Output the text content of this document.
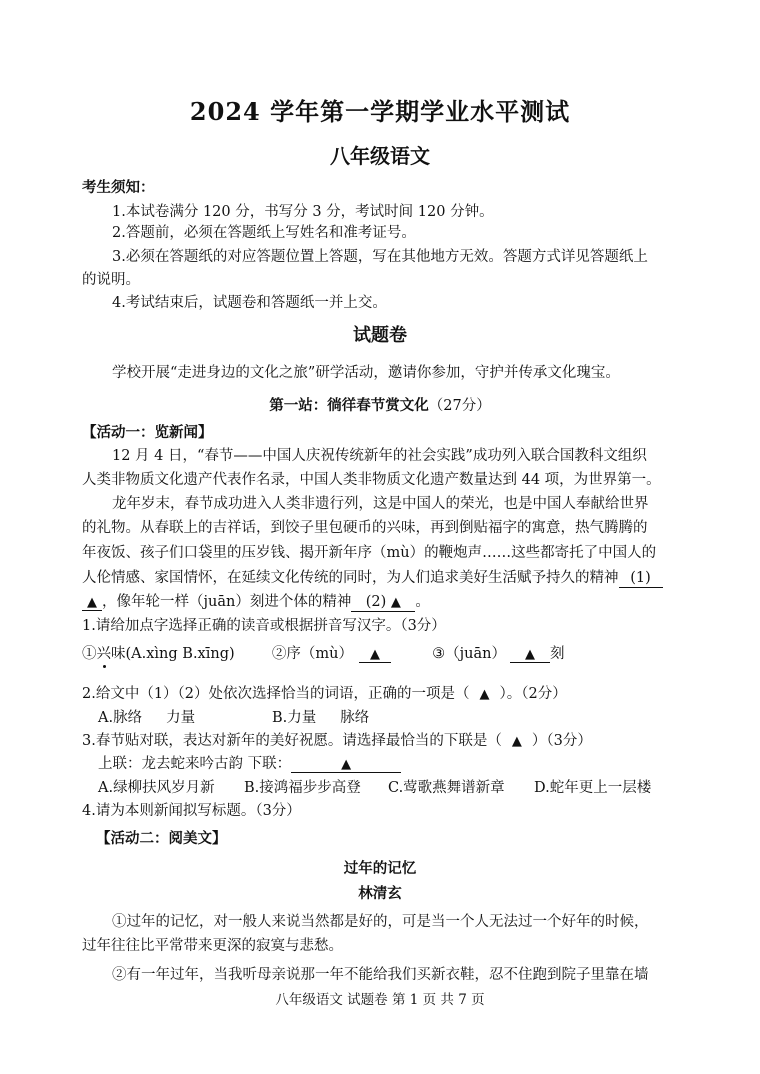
2024 学年第一学期学业水平测试
八年级语文
考生须知：
1.本试卷满分 120 分，书写分 3 分，考试时间 120 分钟。
2.答题前，必须在答题纸上写姓名和准考证号。
3.必须在答题纸的对应答题位置上答题，写在其他地方无效。答题方式详见答题纸上
的说明。
4.考试结束后，试题卷和答题纸一并上交。
试题卷
学校开展“走进身边的文化之旅”研学活动，邀请你参加，守护并传承文化瑰宝。
第一站：徜徉春节赏文化（27分）
【活动一：览新闻】
12 月 4 日，“春节——中国人庆祝传统新年的社会实践”成功列入联合国教科文组织
人类非物质文化遗产代表作名录，中国人类非物质文化遗产数量达到 44 项，为世界第一。
龙年岁末，春节成功进入人类非遗行列，这是中国人的荣光，也是中国人奉献给世界
的礼物。从春联上的吉祥话，到饺子里包硬币的兴味，再到倒贴福字的寓意，热气腾腾的
年夜饭、孩子们口袋里的压岁钱、揭开新年序（mù）的鞭炮声……这些都寄托了中国人的
人伦情感、家国情怀，在延续文化传统的同时，为人们追求美好生活赋予持久的精神 (1)
▲ ，像年轮一样（juān）刻进个体的精神 (2) ▲ 。
1.请给加点字选择正确的读音或根据拼音写汉字。（3分）
①兴味(A.xìng B.xīng)	②序（mù） ▲	③（juān） ▲ 刻
2.给文中（1）（2）处依次选择恰当的词语，正确的一项是（ ▲ ）。（2分）
A.脉络 力量	B.力量 脉络
3.春节贴对联，表达对新年的美好祝愿。请选择最恰当的下联是（ ▲ ）（3分）
上联：龙去蛇来吟古韵 下联：	▲
A.绿柳扶风岁月新 B.接鸿福步步高登 C.莺歌燕舞谱新章 D.蛇年更上一层楼
4.请为本则新闻拟写标题。（3分）
【活动二：阅美文】
过年的记忆
林清玄
①过年的记忆，对一般人来说当然都是好的，可是当一个人无法过一个好年的时候，
过年往往比平常带来更深的寂寞与悲愁。
②有一年过年，当我听母亲说那一年不能给我们买新衣鞋，忍不住跑到院子里靠在墙
八年级语文 试题卷 第 1 页 共 7 页
